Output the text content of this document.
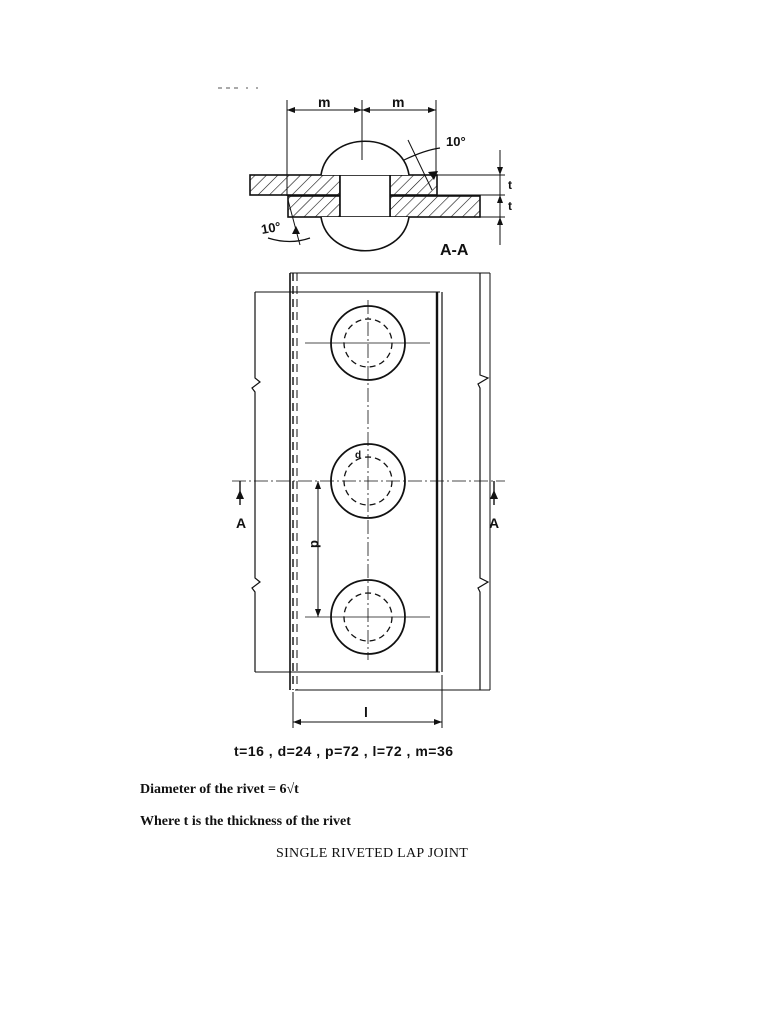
m	m
10°
10°
t
t
A-A
A	A
p
d
l
t=16 , d=24 , p=72 , l=72 , m=36
Diameter of the rivet = 6√t
Where t is the thickness of the rivet
SINGLE RIVETED LAP JOINT
